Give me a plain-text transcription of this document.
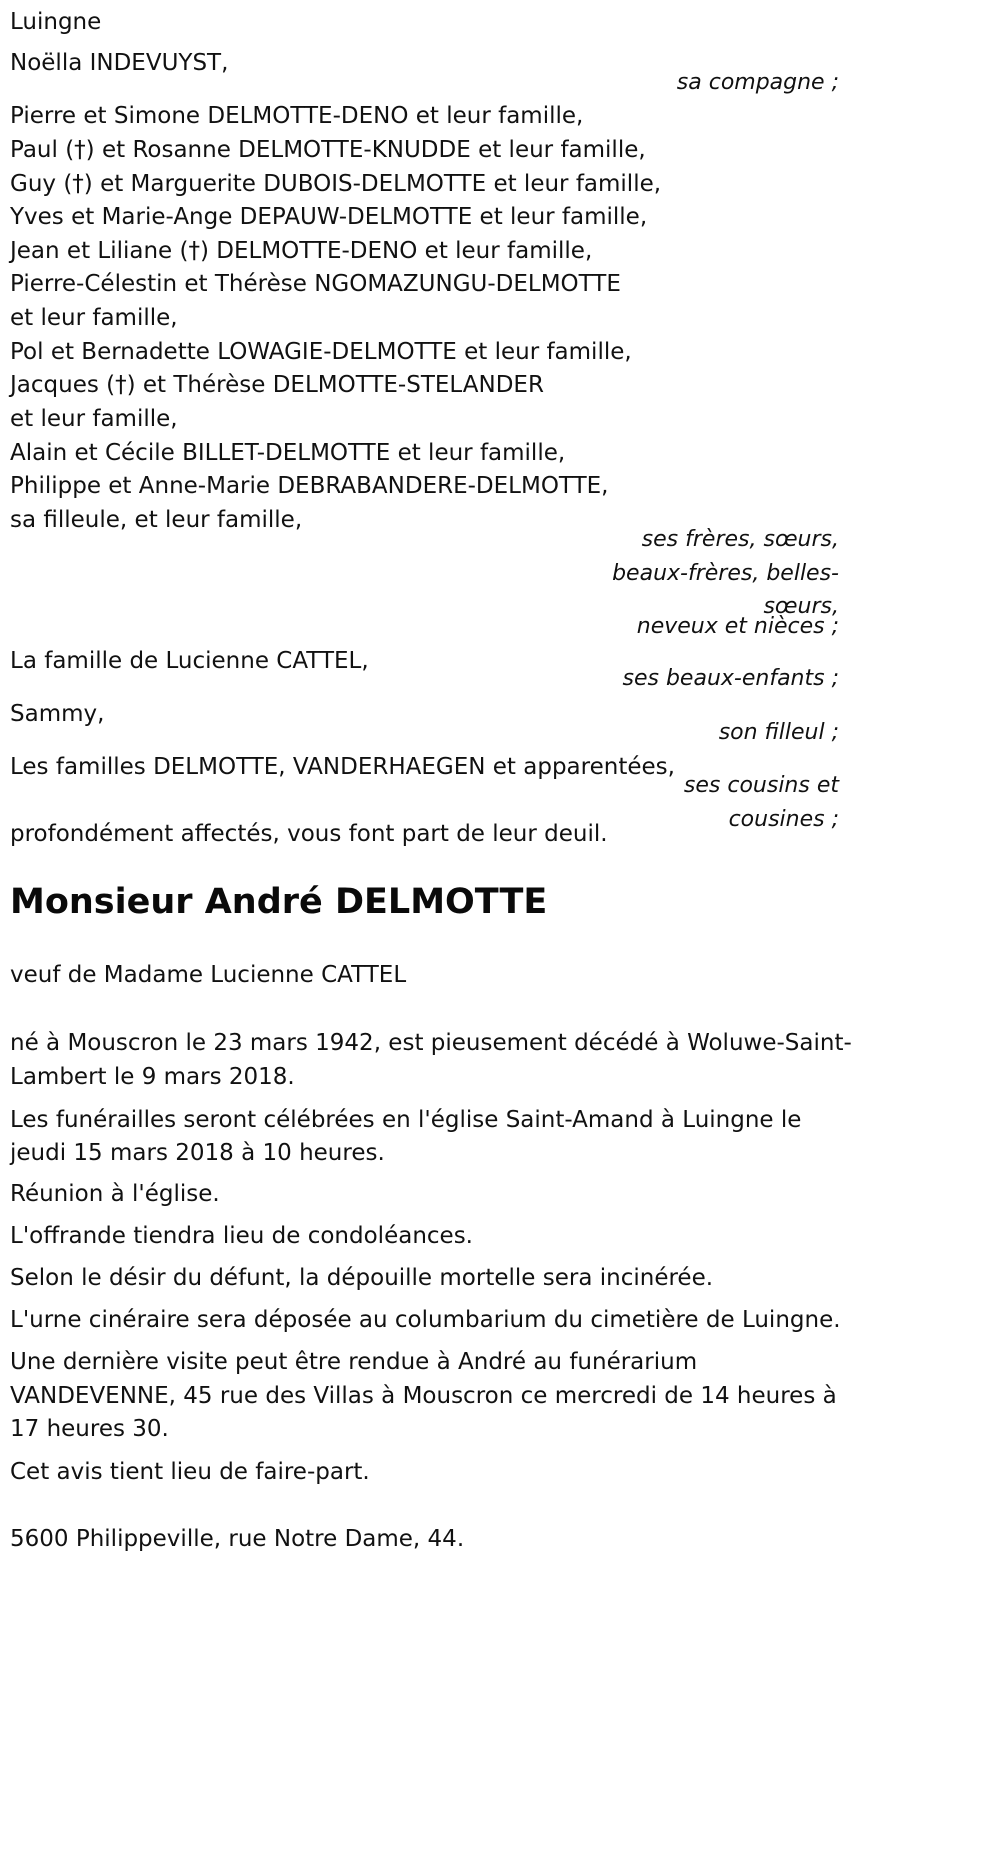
Luingne
Noëlla INDEVUYST,
sa compagne ;
Pierre et Simone DELMOTTE-DENO et leur famille,
Paul (†) et Rosanne DELMOTTE-KNUDDE et leur famille,
Guy (†) et Marguerite DUBOIS-DELMOTTE et leur famille,
Yves et Marie-Ange DEPAUW-DELMOTTE et leur famille,
Jean et Liliane (†) DELMOTTE-DENO et leur famille,
Pierre-Célestin et Thérèse NGOMAZUNGU-DELMOTTE
et leur famille,
Pol et Bernadette LOWAGIE-DELMOTTE et leur famille,
Jacques (†) et Thérèse DELMOTTE-STELANDER
et leur famille,
Alain et Cécile BILLET-DELMOTTE et leur famille,
Philippe et Anne-Marie DEBRABANDERE-DELMOTTE,
sa filleule, et leur famille,
ses frères, sœurs,
beaux-frères, belles-
sœurs,
neveux et nièces ;
La famille de Lucienne CATTEL,
ses beaux-enfants ;
Sammy,
son filleul ;
Les familles DELMOTTE, VANDERHAEGEN et apparentées,
ses cousins et
cousines ;
profondément affectés, vous font part de leur deuil.
Monsieur André DELMOTTE
veuf de Madame Lucienne CATTEL
né à Mouscron le 23 mars 1942, est pieusement décédé à Woluwe-Saint-
Lambert le 9 mars 2018.
Les funérailles seront célébrées en l'église Saint-Amand à Luingne le
jeudi 15 mars 2018 à 10 heures.
Réunion à l'église.
L'offrande tiendra lieu de condoléances.
Selon le désir du défunt, la dépouille mortelle sera incinérée.
L'urne cinéraire sera déposée au columbarium du cimetière de Luingne.
Une dernière visite peut être rendue à André au funérarium
VANDEVENNE, 45 rue des Villas à Mouscron ce mercredi de 14 heures à
17 heures 30.
Cet avis tient lieu de faire-part.
5600 Philippeville, rue Notre Dame, 44.
